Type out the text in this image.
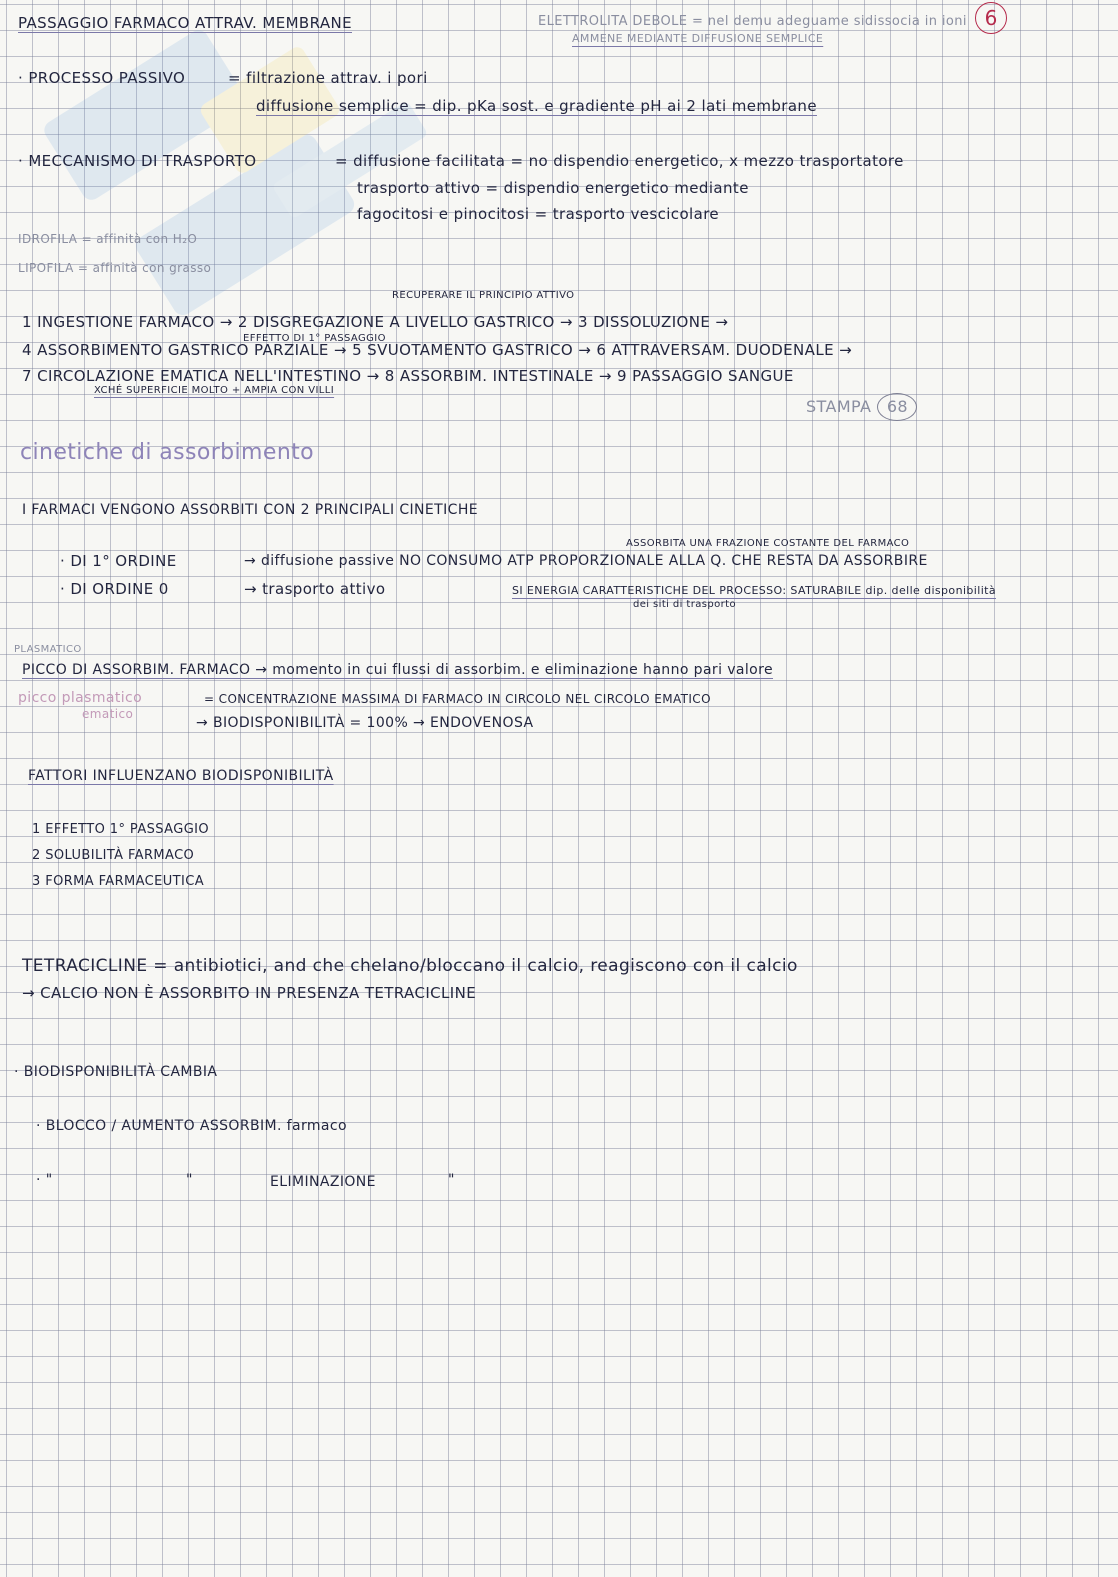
6
PASSAGGIO FARMACO ATTRAV. MEMBRANE	ELETTROLITA DEBOLE = nel demu adeguame sidissocia in ioni
AMMENE MEDIANTE DIFFUSIONE SEMPLICE
· PROCESSO PASSIVO	= filtrazione attrav. i pori
diffusione semplice = dip. pKa sost. e gradiente pH ai 2 lati membrane
· MECCANISMO DI TRASPORTO	= diffusione facilitata = no dispendio energetico, x mezzo trasportatore
trasporto attivo = dispendio energetico mediante
fagocitosi e pinocitosi = trasporto vescicolare
IDROFILA = affinità con H₂O
LIPOFILA = affinità con grasso
RECUPERARE IL PRINCIPIO ATTIVO
1 INGESTIONE FARMACO → 2 DISGREGAZIONE A LIVELLO GASTRICO → 3 DISSOLUZIONE →
EFFETTO DI 1° PASSAGGIO
4 ASSORBIMENTO GASTRICO PARZIALE → 5 SVUOTAMENTO GASTRICO → 6 ATTRAVERSAM. DUODENALE →
7 CIRCOLAZIONE EMATICA NELL'INTESTINO → 8 ASSORBIM. INTESTINALE → 9 PASSAGGIO SANGUE
XCHÉ SUPERFICIE MOLTO + AMPIA CON VILLI
STAMPA 68
cinetiche di assorbimento
I FARMACI VENGONO ASSORBITI CON 2 PRINCIPALI CINETICHE
ASSORBITA UNA FRAZIONE COSTANTE DEL FARMACO
· DI 1° ORDINE	→ diffusione passive NO CONSUMO ATP PROPORZIONALE ALLA Q. CHE RESTA DA ASSORBIRE
· DI ORDINE 0	→ trasporto attivo	SI ENERGIA CARATTERISTICHE DEL PROCESSO: SATURABILE dip. delle disponibilità
dei siti di trasporto
PLASMATICO
PICCO DI ASSORBIM. FARMACO → momento in cui flussi di assorbim. e eliminazione hanno pari valore
picco plasmatico
ematico
= CONCENTRAZIONE MASSIMA DI FARMACO IN CIRCOLO NEL CIRCOLO EMATICO
→ BIODISPONIBILITÀ = 100% → ENDOVENOSA
FATTORI INFLUENZANO BIODISPONIBILITÀ
1 EFFETTO 1° PASSAGGIO
2 SOLUBILITÀ FARMACO
3 FORMA FARMACEUTICA
TETRACICLINE = antibiotici, and che chelano/bloccano il calcio, reagiscono con il calcio
→ CALCIO NON È ASSORBITO IN PRESENZA TETRACICLINE
· BIODISPONIBILITÀ CAMBIA
· BLOCCO / AUMENTO ASSORBIM. farmaco
· "	"	ELIMINAZIONE	"
